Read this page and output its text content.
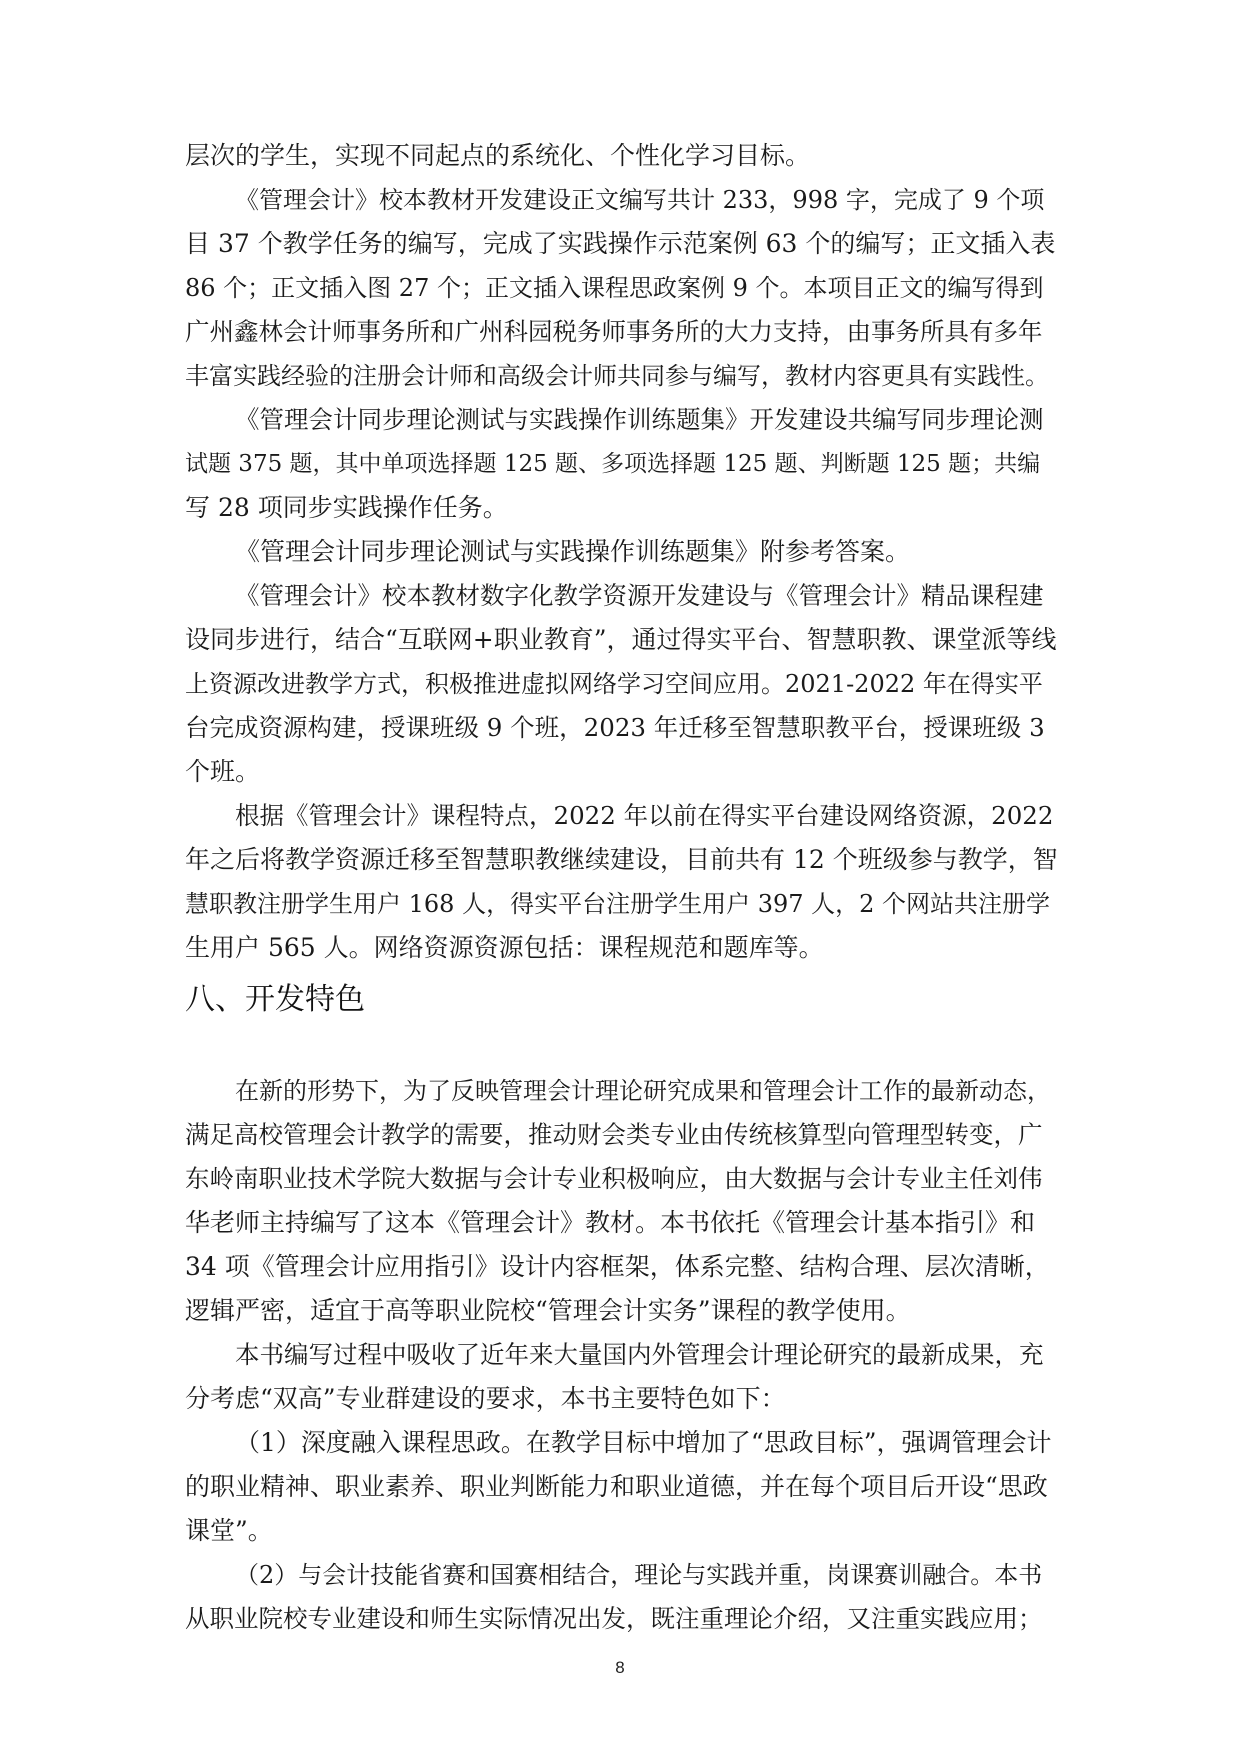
层次的学生，实现不同起点的系统化、个性化学习目标。
《管理会计》校本教材开发建设正文编写共计 233，998 字，完成了 9 个项
目 37 个教学任务的编写，完成了实践操作示范案例 63 个的编写；正文插入表
86 个；正文插入图 27 个；正文插入课程思政案例 9 个。本项目正文的编写得到
广州鑫林会计师事务所和广州科园税务师事务所的大力支持，由事务所具有多年
丰富实践经验的注册会计师和高级会计师共同参与编写，教材内容更具有实践性。
《管理会计同步理论测试与实践操作训练题集》开发建设共编写同步理论测
试题 375 题，其中单项选择题 125 题、多项选择题 125 题、判断题 125 题；共编
写 28 项同步实践操作任务。
《管理会计同步理论测试与实践操作训练题集》附参考答案。
《管理会计》校本教材数字化教学资源开发建设与《管理会计》精品课程建
设同步进行，结合“互联网+职业教育”，通过得实平台、智慧职教、课堂派等线
上资源改进教学方式，积极推进虚拟网络学习空间应用。2021-2022 年在得实平
台完成资源构建，授课班级 9 个班，2023 年迁移至智慧职教平台，授课班级 3
个班。
根据《管理会计》课程特点，2022 年以前在得实平台建设网络资源，2022
年之后将教学资源迁移至智慧职教继续建设，目前共有 12 个班级参与教学，智
慧职教注册学生用户 168 人，得实平台注册学生用户 397 人，2 个网站共注册学
生用户 565 人。网络资源资源包括：课程规范和题库等。
八、开发特色
在新的形势下，为了反映管理会计理论研究成果和管理会计工作的最新动态，
满足高校管理会计教学的需要，推动财会类专业由传统核算型向管理型转变，广
东岭南职业技术学院大数据与会计专业积极响应，由大数据与会计专业主任刘伟
华老师主持编写了这本《管理会计》教材。本书依托《管理会计基本指引》和
34 项《管理会计应用指引》设计内容框架，体系完整、结构合理、层次清晰，
逻辑严密，适宜于高等职业院校“管理会计实务”课程的教学使用。
本书编写过程中吸收了近年来大量国内外管理会计理论研究的最新成果，充
分考虑“双高”专业群建设的要求，本书主要特色如下：
（1）深度融入课程思政。在教学目标中增加了“思政目标”，强调管理会计
的职业精神、职业素养、职业判断能力和职业道德，并在每个项目后开设“思政
课堂”。
（2）与会计技能省赛和国赛相结合，理论与实践并重，岗课赛训融合。本书
从职业院校专业建设和师生实际情况出发，既注重理论介绍，又注重实践应用；
8
